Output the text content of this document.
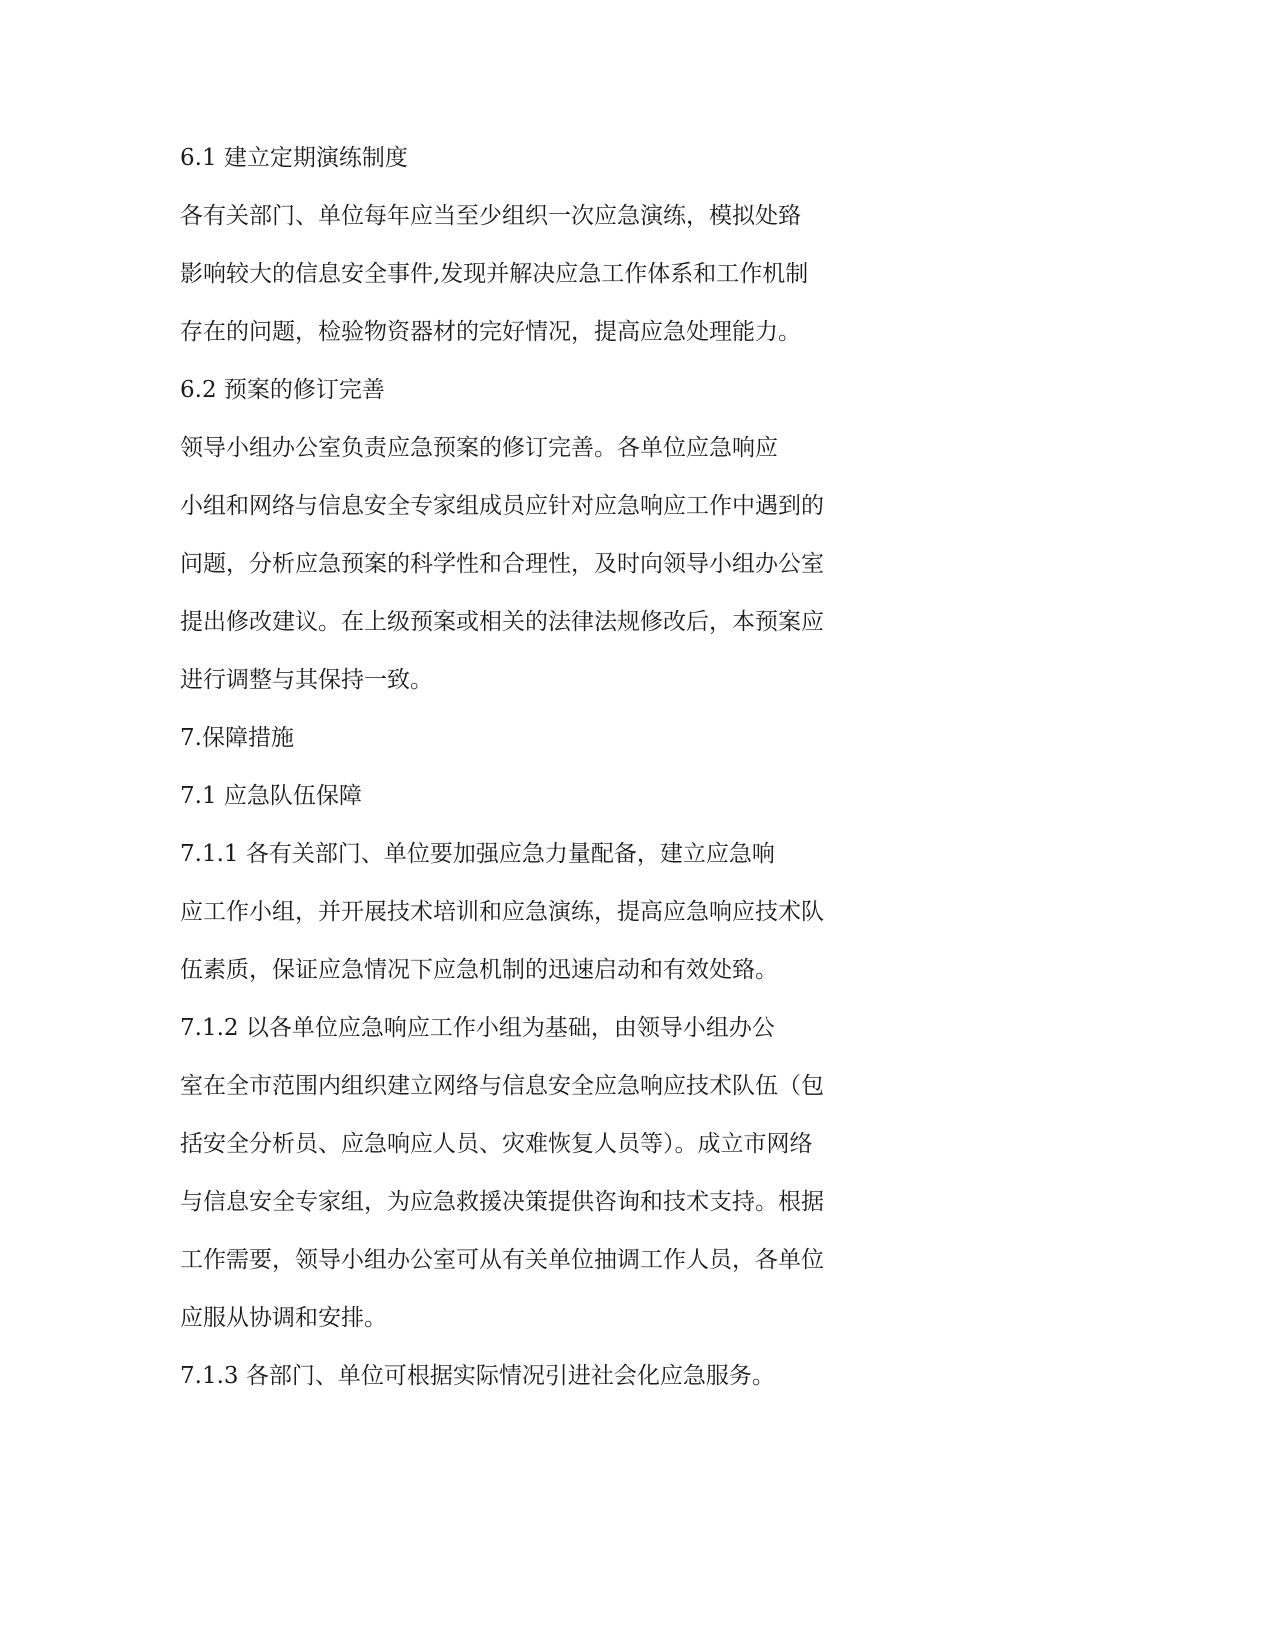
6.1 建立定期演练制度
各有关部门、单位每年应当至少组织一次应急演练，模拟处臵
影响较大的信息安全事件,发现并解决应急工作体系和工作机制
存在的问题，检验物资器材的完好情况，提高应急处理能力。
6.2 预案的修订完善
领导小组办公室负责应急预案的修订完善。各单位应急响应
小组和网络与信息安全专家组成员应针对应急响应工作中遇到的
问题，分析应急预案的科学性和合理性，及时向领导小组办公室
提出修改建议。在上级预案或相关的法律法规修改后，本预案应
进行调整与其保持一致。
7.保障措施
7.1 应急队伍保障
7.1.1 各有关部门、单位要加强应急力量配备，建立应急响
应工作小组，并开展技术培训和应急演练，提高应急响应技术队
伍素质，保证应急情况下应急机制的迅速启动和有效处臵。
7.1.2 以各单位应急响应工作小组为基础，由领导小组办公
室在全市范围内组织建立网络与信息安全应急响应技术队伍（包
括安全分析员、应急响应人员、灾难恢复人员等）。成立市网络
与信息安全专家组，为应急救援决策提供咨询和技术支持。根据
工作需要，领导小组办公室可从有关单位抽调工作人员，各单位
应服从协调和安排。
7.1.3 各部门、单位可根据实际情况引进社会化应急服务。
